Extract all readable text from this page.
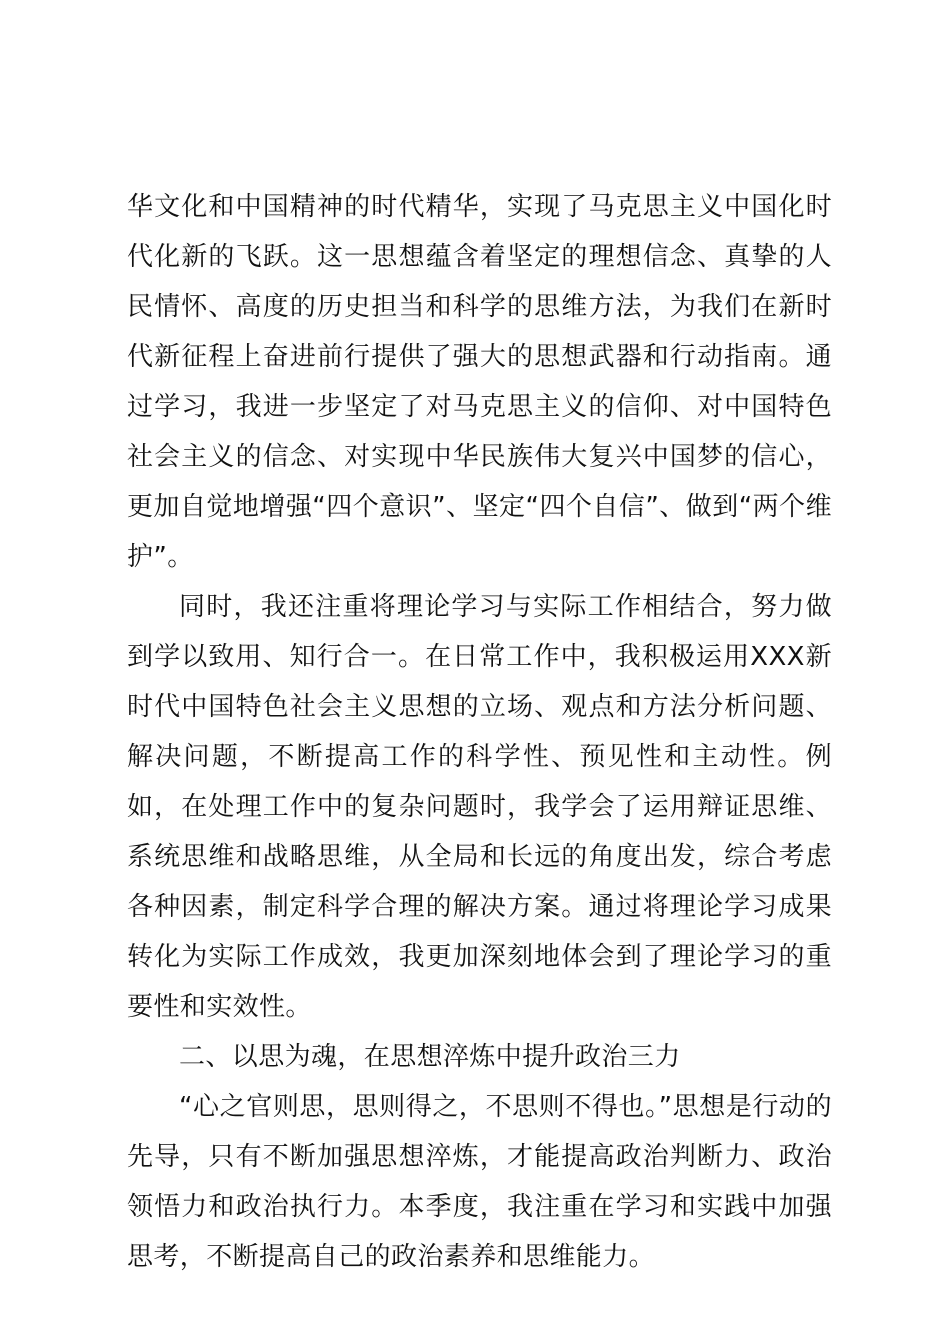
华文化和中国精神的时代精华，实现了马克思主义中国化时代化新的飞跃。这一思想蕴含着坚定的理想信念、真挚的人民情怀、高度的历史担当和科学的思维方法，为我们在新时代新征程上奋进前行提供了强大的思想武器和行动指南。通过学习，我进一步坚定了对马克思主义的信仰、对中国特色社会主义的信念、对实现中华民族伟大复兴中国梦的信心，更加自觉地增强“四个意识”、坚定“四个自信”、做到“两个维护”。

同时，我还注重将理论学习与实际工作相结合，努力做到学以致用、知行合一。在日常工作中，我积极运用XXX新时代中国特色社会主义思想的立场、观点和方法分析问题、解决问题，不断提高工作的科学性、预见性和主动性。例如，在处理工作中的复杂问题时，我学会了运用辩证思维、系统思维和战略思维，从全局和长远的角度出发，综合考虑各种因素，制定科学合理的解决方案。通过将理论学习成果转化为实际工作成效，我更加深刻地体会到了理论学习的重要性和实效性。

二、以思为魂，在思想淬炼中提升政治三力

“心之官则思，思则得之，不思则不得也。”思想是行动的先导，只有不断加强思想淬炼，才能提高政治判断力、政治领悟力和政治执行力。本季度，我注重在学习和实践中加强思考，不断提高自己的政治素养和思维能力。
